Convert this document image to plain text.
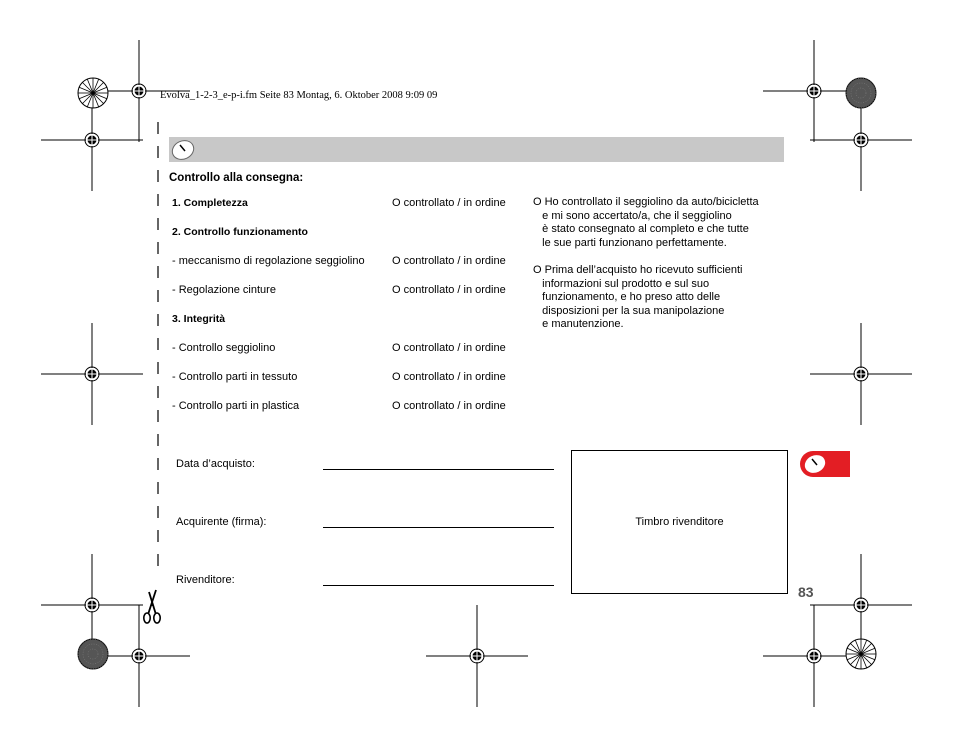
Evolva_1-2-3_e-p-i.fm Seite 83 Montag, 6. Oktober 2008 9:09 09
Controllo alla consegna:
1. Completezza	O controllato / in ordine
2. Controllo funzionamento
- meccanismo di regolazione seggiolino O controllato / in ordine
- Regolazione cinture	O controllato / in ordine
3. Integrità
- Controllo seggiolino	O controllato / in ordine
- Controllo parti in tessuto	O controllato / in ordine
- Controllo parti in plastica	O controllato / in ordine
O Ho controllato il seggiolino da auto/bicicletta
e mi sono accertato/a, che il seggiolino
è stato consegnato al completo e che tutte
le sue parti funzionano perfettamente.
O Prima dell’acquisto ho ricevuto sufficienti
informazioni sul prodotto e sul suo
funzionamento, e ho preso atto delle
disposizioni per la sua manipolazione
e manutenzione.
Data d’acquisto:
Acquirente (firma):
Rivenditore:
Timbro rivenditore
83
